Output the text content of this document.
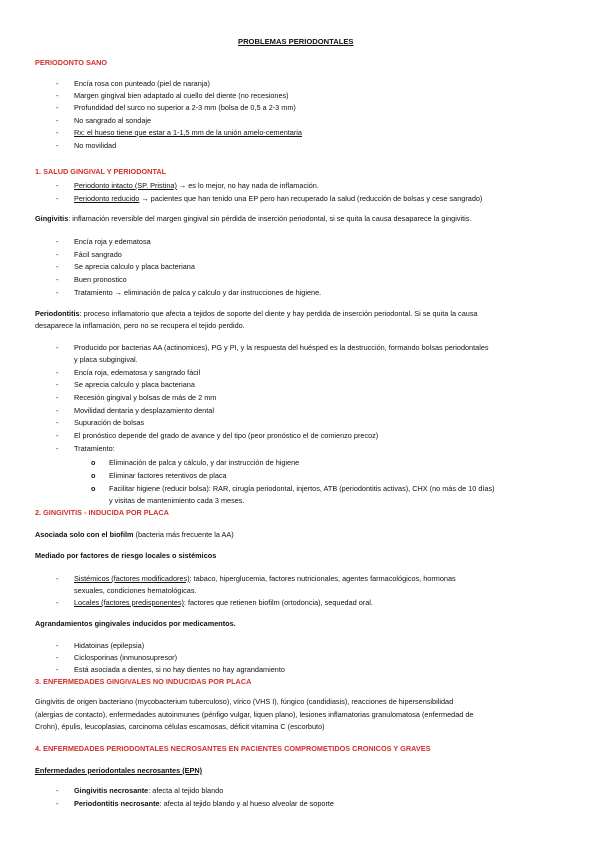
PROBLEMAS PERIODONTALES
PERIODONTO SANO
- Encía rosa con punteado (piel de naranja)
- Margen gingival bien adaptado al cuello del diente (no recesiones)
- Profundidad del surco no superior a 2-3 mm (bolsa de 0,5 a 2-3 mm)
- No sangrado al sondaje
- Rx: el hueso tiene que estar a 1-1,5 mm de la unión amelo-cementaria
- No movilidad
1. SALUD GINGIVAL Y PERIODONTAL
- Periodonto intacto (SP. Pristina) → es lo mejor, no hay nada de inflamación.
- Periodonto reducido → pacientes que han tenido una EP pero han recuperado la salud (reducción de bolsas y cese sangrado)
Gingivitis: inflamación reversible del margen gingival sin pérdida de inserción periodontal, si se quita la causa desaparece la gingivitis.
- Encía roja y edematosa
- Fácil sangrado
- Se aprecia calculo y placa bacteriana
- Buen pronostico
- Tratamiento → eliminación de palca y calculo y dar instrucciones de higiene.
Periodontitis: proceso inflamatorio que afecta a tejidos de soporte del diente y hay perdida de inserción periodontal. Si se quita la causa
desaparece la inflamación, pero no se recupera el tejido perdido.
- Producido por bacterias AA (actinomices), PG y PI, y la respuesta del huésped es la destrucción, formando bolsas periodontales
y placa subgingival.
- Encía roja, edematosa y sangrado fácil
- Se aprecia calculo y placa bacteriana
- Recesión gingival y bolsas de más de 2 mm
- Movilidad dentaria y desplazamiento dental
- Supuración de bolsas
- El pronóstico depende del grado de avance y del tipo (peor pronóstico el de comienzo precoz)
- Tratamiento:
o Eliminación de palca y cálculo, y dar instrucción de higiene
o Eliminar factores retentivos de placa
o Facilitar higiene (reducir bolsa): RAR, cirugía periodontal, injertos, ATB (periodontitis activas), CHX (no más de 10 días)
y visitas de mantenimiento cada 3 meses.
2. GINGIVITIS - INDUCIDA POR PLACA
Asociada solo con el biofilm (bacteria más frecuente la AA)
Mediado por factores de riesgo locales o sistémicos
- Sistémicos (factores modificadores): tabaco, hiperglucemia, factores nutricionales, agentes farmacológicos, hormonas
sexuales, condiciones hematológicas.
- Locales (factores predisponentes): factores que retienen biofilm (ortodoncia), sequedad oral.
Agrandamientos gingivales inducidos por medicamentos.
- Hidatoinas (epilepsia)
- Ciclosporinas (inmunosupresor)
- Está asociada a dientes, si no hay dientes no hay agrandamiento
3. ENFERMEDADES GINGIVALES NO INDUCIDAS POR PLACA
Gingivitis de origen bacteriano (mycobacterium tuberculoso), vírico (VHS I), fúngico (candidiasis), reacciones de hipersensibilidad
(alergias de contacto), enfermedades autoinmunes (pénfigo vulgar, liquen plano), lesiones inflamatorias granulomatosa (enfermedad de
Crohn), épulis, leucoplasias, carcinoma células escamosas, déficit vitamina C (escorbuto)
4. ENFERMEDADES PERIODONTALES NECROSANTES EN PACIENTES COMPROMETIDOS CRONICOS Y GRAVES
Enfermedades periodontales necrosantes (EPN)
- Gingivitis necrosante: afecta al tejido blando
- Periodontitis necrosante: afecta al tejido blando y al hueso alveolar de soporte
